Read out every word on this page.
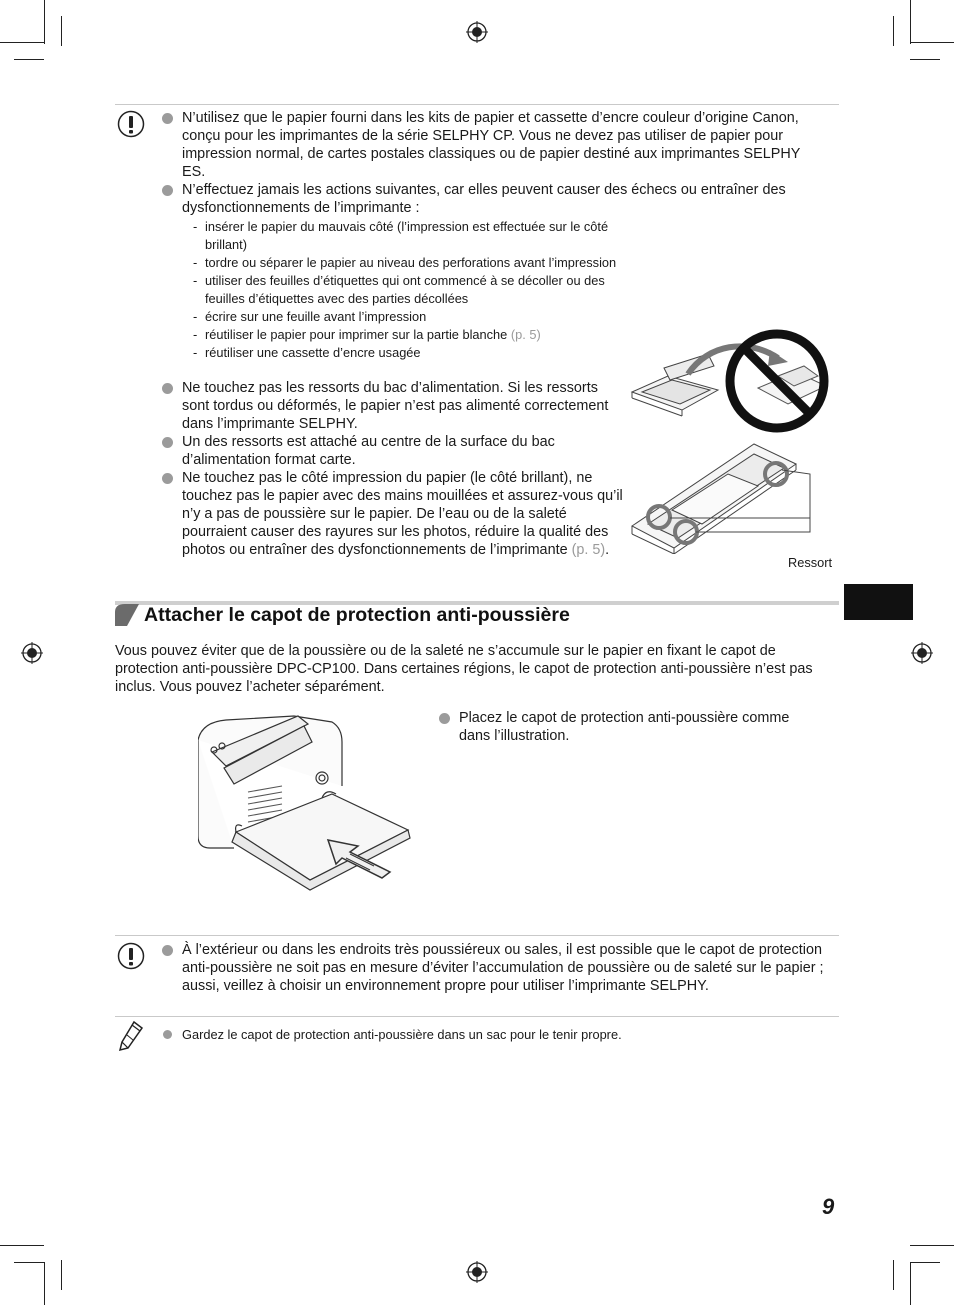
N’utilisez que le papier fourni dans les kits de papier et cassette d’encre couleur d’origine Canon, conçu pour les imprimantes de la série SELPHY CP. Vous ne devez pas utiliser de papier pour impression normal, de cartes postales classiques ou de papier destiné aux imprimantes SELPHY ES.
N’effectuez jamais les actions suivantes, car elles peuvent causer des échecs ou entraîner des dysfonctionnements de l’imprimante :
- insérer le papier du mauvais côté (l’impression est effectuée sur le côté brillant)
- tordre ou séparer le papier au niveau des perforations avant l’impression
- utiliser des feuilles d’étiquettes qui ont commencé à se décoller ou des feuilles d’étiquettes avec des parties décollées
- écrire sur une feuille avant l’impression
- réutiliser le papier pour imprimer sur la partie blanche (p. 5)
- réutiliser une cassette d’encre usagée
Ne touchez pas les ressorts du bac d’alimentation. Si les ressorts sont tordus ou déformés, le papier n’est pas alimenté correctement dans l’imprimante SELPHY.
Un des ressorts est attaché au centre de la surface du bac d’alimentation format carte.
Ne touchez pas le côté impression du papier (le côté brillant), ne touchez pas le papier avec des mains mouillées et assurez-vous qu’il n’y a pas de poussière sur le papier. De l’eau ou de la saleté pourraient causer des rayures sur les photos, réduire la qualité des photos ou entraîner des dysfonctionnements de l’imprimante (p. 5).
Ressort
Attacher le capot de protection anti-poussière
Vous pouvez éviter que de la poussière ou de la saleté ne s’accumule sur le papier en fixant le capot de protection anti-poussière DPC-CP100. Dans certaines régions, le capot de protection anti-poussière n’est pas inclus. Vous pouvez l’acheter séparément.
Placez le capot de protection anti-poussière comme dans l’illustration.
À l’extérieur ou dans les endroits très poussiéreux ou sales, il est possible que le capot de protection anti-poussière ne soit pas en mesure d’éviter l’accumulation de poussière ou de saleté sur le papier ; aussi, veillez à choisir un environnement propre pour utiliser l’imprimante SELPHY.
Gardez le capot de protection anti-poussière dans un sac pour le tenir propre.
9
